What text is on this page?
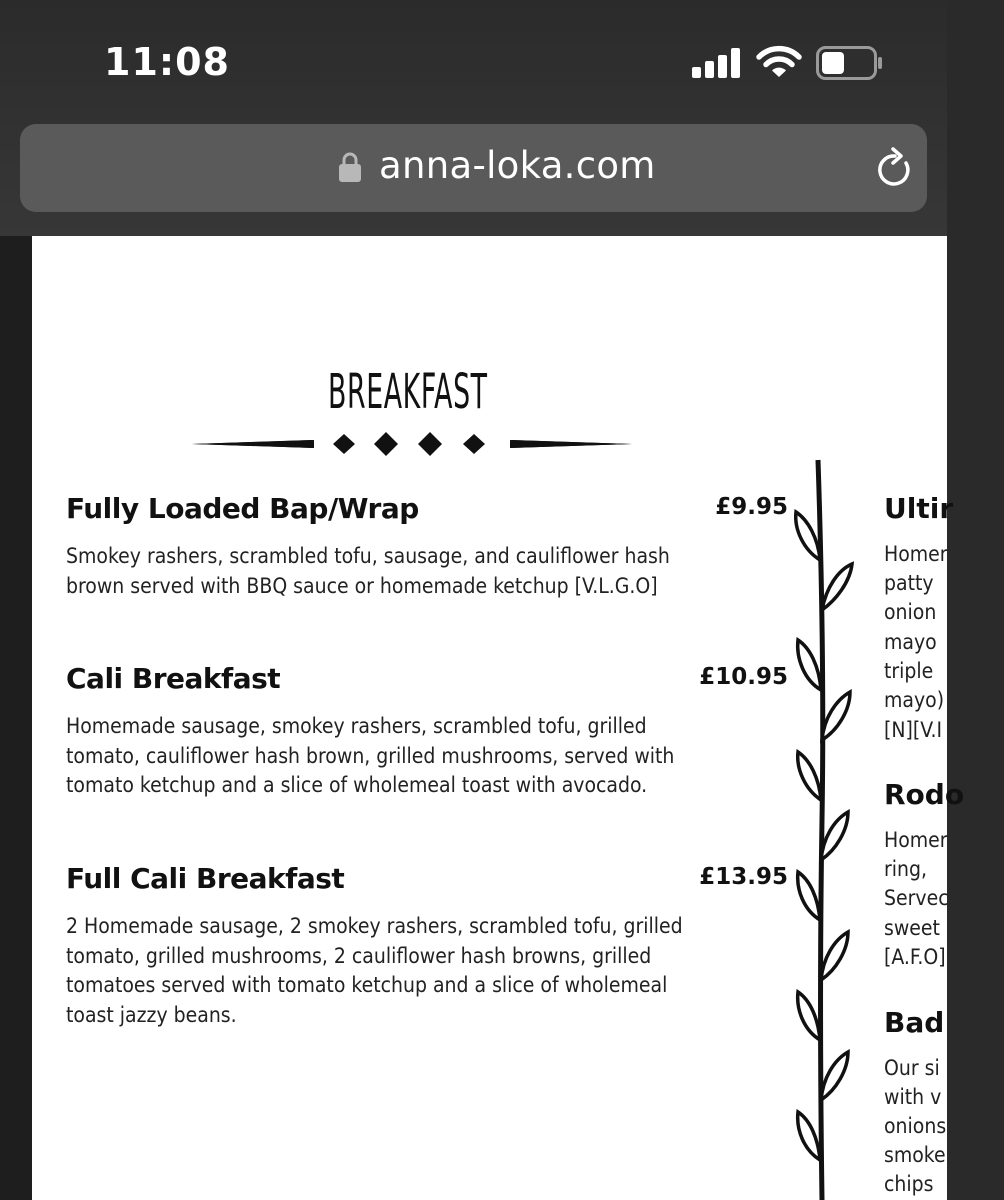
11:08
anna-loka.com
BREAKFAST
Fully Loaded Bap/Wrap	£9.95
Smokey rashers, scrambled tofu, sausage, and cauliflower hash brown served with BBQ sauce or homemade ketchup [V.L.G.O]
Cali Breakfast	£10.95
Homemade sausage, smokey rashers, scrambled tofu, grilled tomato, cauliflower hash brown, grilled mushrooms, served with tomato ketchup and a slice of wholemeal toast with avocado.
Full Cali Breakfast	£13.95
2 Homemade sausage, 2 smokey rashers, scrambled tofu, grilled tomato, grilled mushrooms, 2 cauliflower hash browns, grilled tomatoes served with tomato ketchup and a slice of wholemeal toast jazzy beans.
Ultir
Homer
patty
onion
mayo
triple
mayo)
[N][V.I
Rodo
Homer
ring,
Servec
sweet
[A.F.O]
Bad
Our si
with v
onions
smoke
chips
